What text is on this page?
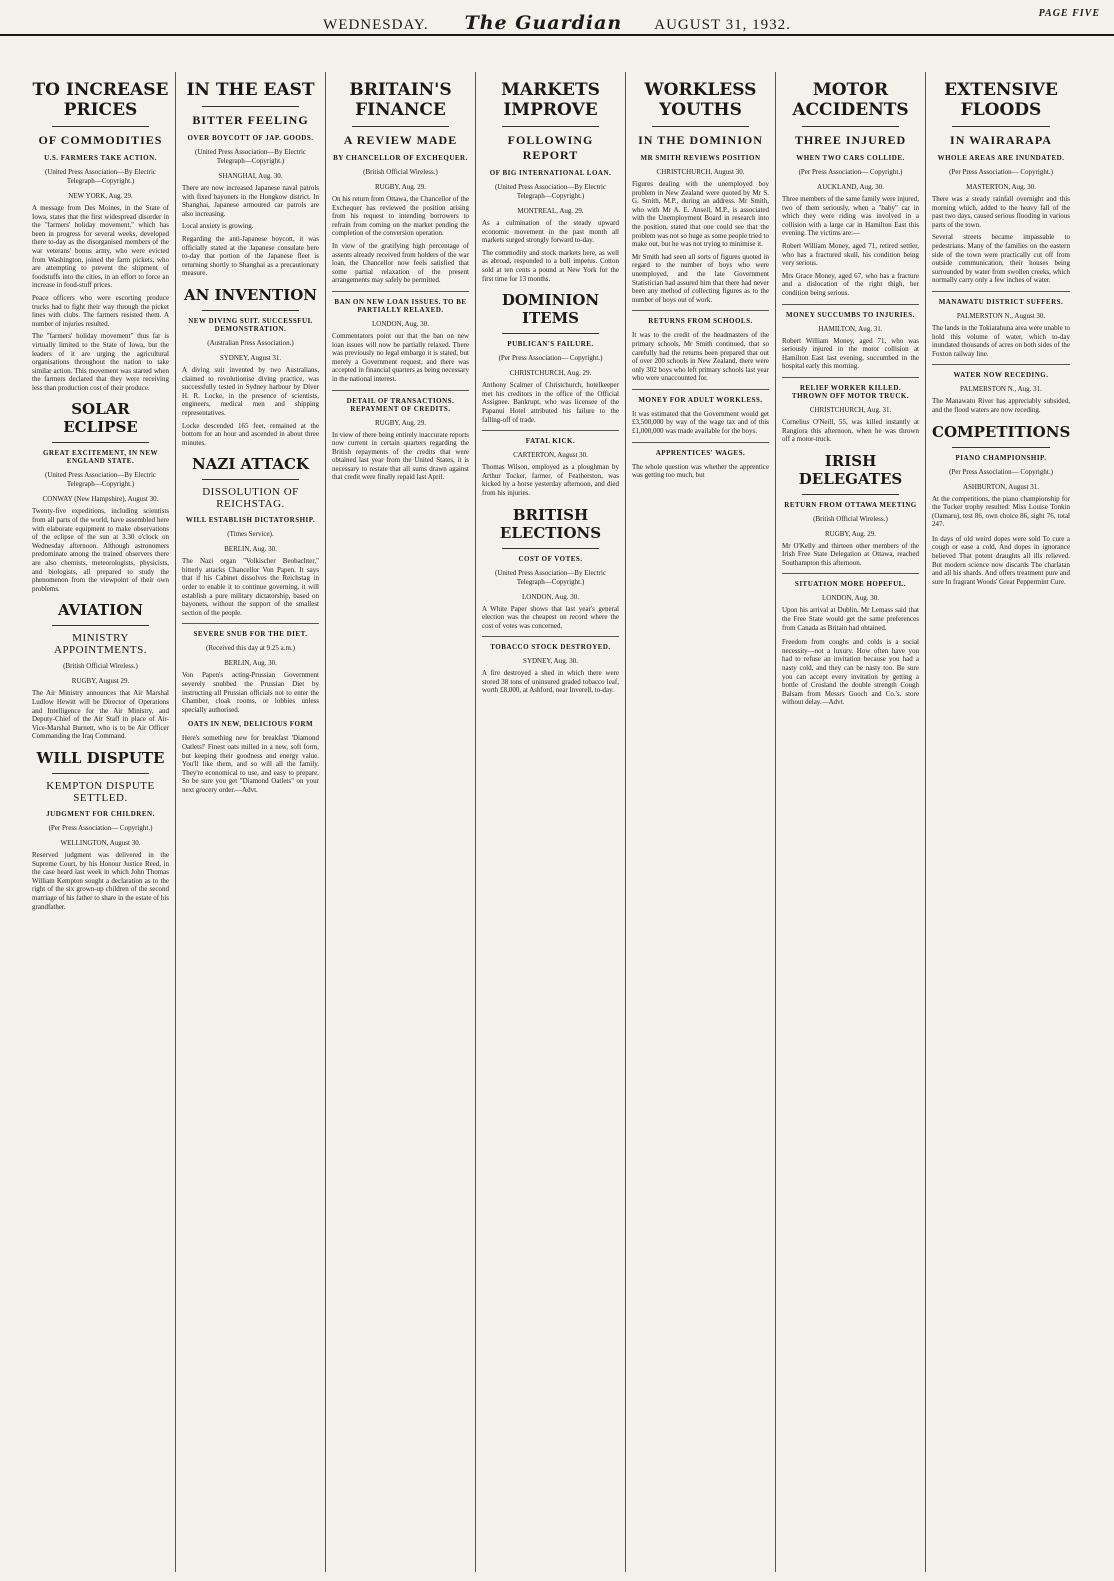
WEDNESDAY. The Guardian AUGUST 31, 1932.
PAGE FIVE
TO INCREASE PRICES
OF COMMODITIES
U.S. FARMERS TAKE ACTION.
(United Press Association—By Electric Telegraph—Copyright.)
NEW YORK, Aug. 29.

A message from Des Moines, in the State of Iowa, states that the first widespread disorder in the "farmers' holiday movement," which has been in progress for several weeks, developed there to-day as the disorganised members of the war veterans' bonus army, who were evicted from Washington, joined the farm pickets, who are attempting to prevent the shipment of foodstuffs into the cities, in an effort to force an increase in food-stuff prices.

Peace officers who were escorting produce trucks had to fight their way through the picket lines with clubs. The farmers resisted them. A number of injuries resulted.

The "farmers' holiday movement" thus far is virtually limited to the State of Iowa, but the leaders of it are urging the agricultural organisations throughout the nation to take similar action. This movement was started when the farmers declared that they were receiving less than production cost of their produce.

SOLAR ECLIPSE
GREAT EXCITEMENT, IN NEW ENGLAND STATE.
(United Press Association—By Electric Telegraph—Copyright.)
CONWAY (New Hampshire), August 30.

Twenty-five expeditions, including scientists from all parts of the world, have assembled here with elaborate equipment to make observations of the eclipse of the sun at 3.30 o'clock on Wednesday afternoon. Although astronomers predominate among the trained observers there are also chemists, meteorologists, physicists, and biologists, all prepared to study the phenomenon from the viewpoint of their own problems.

AVIATION
MINISTRY APPOINTMENTS.
(British Official Wireless.)
RUGBY, August 29.

The Air Ministry announces that Air Marshal Ludlow Hewitt will be Director of Operations and Intelligence for the Air Ministry, and Deputy-Chief of the Air Staff in place of Air-Vice-Marshal Burnett, who is to be Air Officer Commanding the Iraq Command.

WILL DISPUTE
KEMPTON DISPUTE SETTLED.
JUDGMENT FOR CHILDREN.
(Per Press Association— Copyright.)
WELLINGTON, August 30.

Reserved judgment was delivered in the Supreme Court, by his Honour Justice Reed, in the case heard last week in which John Thomas William Kempton sought a declaration as to the right of the six grown-up children of the second marriage of his father to share in the estate of his grandfather.

IN THE EAST
BITTER FEELING
OVER BOYCOTT OF JAP. GOODS.
(United Press Association—By Electric Telegraph—Copyright.)
SHANGHAI, Aug. 30.

There are now increased Japanese naval patrols with fixed bayonets in the Hongkow district. In Shanghai, Japanese armoured car patrols are also increasing.

Local anxiety is growing.

Regarding the anti-Japanese boycott, it was officially stated at the Japanese consulate here to-day that portion of the Japanese fleet is returning shortly to Shanghai as a precautionary measure.

AN INVENTION
NEW DIVING SUIT. SUCCESSFUL DEMONSTRATION.
(Australian Press Association.)
SYDNEY, August 31.

A diving suit invented by two Australians, claimed to revolutionise diving practice, was successfully tested in Sydney harbour by Diver H. R. Locke, in the presence of scientists, engineers, medical men and shipping representatives.

Locke descended 165 feet, remained at the bottom for an hour and ascended in about three minutes.

NAZI ATTACK
DISSOLUTION OF REICHSTAG.
WILL ESTABLISH DICTATORSHIP.
(Times Service).
BERLIN, Aug. 30.

The Nazi organ "Volkischer Beobachter," bitterly attacks Chancellor Von Papen. It says that if his Cabinet dissolves the Reichstag in order to enable it to continue governing, it will establish a pure military dictatorship, based on bayonets, without the support of the smallest section of the people.

SEVERE SNUB FOR THE DIET.
(Received this day at 9.25 a.m.)
BERLIN, Aug. 30.

Von Papen's acting-Prussian Government severely snubbed the Prussian Diet by instructing all Prussian officials not to enter the Chamber, cloak rooms, or lobbies unless specially authorised.

OATS IN NEW, DELICIOUS FORM
Here's something new for breakfast 'Diamond Oatlets!' Finest oats milled in a new, soft form, but keeping their goodness and energy value. You'll like them, and so will all the family. They're economical to use, and easy to prepare. So be sure you get "Diamond Oatlets" on your next grocery order.—Advt.
BRITAIN'S FINANCE
A REVIEW MADE
BY CHANCELLOR OF EXCHEQUER.
(British Official Wireless.)
RUGBY, Aug. 29.

On his return from Ottawa, the Chancellor of the Exchequer has reviewed the position arising from his request to intending borrowers to refrain from coming on the market pending the completion of the conversion operation.

In view of the gratifying high percentage of assents already received from holders of the war loan, the Chancellor now feels satisfied that some partial relaxation of the present arrangements may safely be permitted.

BAN ON NEW LOAN ISSUES. TO BE PARTIALLY RELAXED.
LONDON, Aug. 30.

Commentators point out that the ban on new loan issues will now be partially relaxed. There was previously no legal embargo it is stated, but merely a Government request, and there was accepted in financial quarters as being necessary in the national interest.

DETAIL OF TRANSACTIONS. REPAYMENT OF CREDITS.
RUGBY, Aug. 29.

In view of there being entirely inaccurate reports now current in certain quarters regarding the British repayments of the credits that were obtained last year from the United States, it is necessary to restate that all sums drawn against that credit were finally repaid last April.

MARKETS IMPROVE
FOLLOWING REPORT
OF BIG INTERNATIONAL LOAN.
(United Press Association—By Electric Telegraph—Copyright.)
MONTREAL, Aug. 29.

As a culmination of the steady upward economic movement in the past month all markets surged strongly forward to-day.

The commodity and stock markets here, as well as abroad, responded to a bull impetus. Cotton sold at ten cents a pound at New York for the first time for 13 months.

DOMINION ITEMS
PUBLICAN'S FAILURE.
(Per Press Association— Copyright.)
CHRISTCHURCH, Aug. 29.

Anthony Scalmer of Christchurch, hotelkeeper met his creditors in the office of the Official Assignee. Bankrupt, who was licensee of the Papanui Hotel attributed his failure to the falling-off of trade.

FATAL KICK.
CARTERTON, August 30.

Thomas Wilson, employed as a ploughman by Arthur Tocker, farmer, of Featherston, was kicked by a horse yesterday afternoon, and died from his injuries.

BRITISH ELECTIONS
COST OF VOTES.
(United Press Association—By Electric Telegraph—Copyright.)
LONDON, Aug. 30.

A White Paper shows that last year's general election was the cheapest on record where the cost of votes was concerned.

TOBACCO STOCK DESTROYED.
SYDNEY, Aug. 30.

A fire destroyed a shed in which there were stored 38 tons of uninsured graded tobacco leaf, worth £8,000, at Ashford, near Inverell, to-day.

WORKLESS YOUTHS
IN THE DOMINION
MR SMITH REVIEWS POSITION
CHRISTCHURCH, August 30.

Figures dealing with the unemployed boy problem in New Zealand were quoted by Mr S. G. Smith, M.P., during an address. Mr Smith, who with Mr A. E. Ansell, M.P., is associated with the Unemployment Board in research into the position, stated that one could see that the problem was not so huge as some people tried to make out, but he was not trying to minimise it.

Mr Smith had seen all sorts of figures quoted in regard to the number of boys who were unemployed, and the late Government Statistician had assured him that there had never been any method of collecting figures as to the number of boys out of work.

RETURNS FROM SCHOOLS.

It was to the credit of the headmasters of the primary schools, Mr Smith continued, that so carefully had the returns been prepared that out of over 200 schools in New Zealand, there were only 302 boys who left primary schools last year who were unaccounted for.

MONEY FOR ADULT WORKLESS.

It was estimated that the Government would get £3,500,000 by way of the wage tax and of this £1,000,000 was made available for the boys.

APPRENTICES' WAGES.

The whole question was whether the apprentice was getting too much, but

MOTOR ACCIDENTS
THREE INJURED
WHEN TWO CARS COLLIDE.
(Per Press Association— Copyright.)
AUCKLAND, Aug. 30.

Three members of the same family were injured, two of them seriously, when a "baby" car in which they were riding was involved in a collision with a large car in Hamilton East this evening. The victims are:—

Robert William Money, aged 71, retired settler, who has a fractured skull, his condition being very serious.

Mrs Grace Money, aged 67, who has a fracture and a dislocation of the right thigh, her condition being serious.

MONEY SUCCUMBS TO INJURIES.
HAMILTON, Aug. 31.

Robert William Money, aged 71, who was seriously injured in the motor collision at Hamilton East last evening, succumbed in the hospital early this morning.

RELIEF WORKER KILLED. THROWN OFF MOTOR TRUCK.
CHRISTCHURCH, Aug. 31.

Cornelius O'Neill, 55, was killed instantly at Rangiora this afternoon, when he was thrown off a motor-truck.

IRISH DELEGATES
RETURN FROM OTTAWA MEETING
(British Official Wireless.)
RUGBY, Aug. 29.

Mr O'Kelly and thirteen other members of the Irish Free State Delegation at Ottawa, reached Southampton this afternoon.

SITUATION MORE HOPEFUL.
LONDON, Aug. 30.

Upon his arrival at Dublin, Mr Lemass said that the Free State would get the same preferences from Canada as Britain had obtained.

Freedom from coughs and colds is a social necessity—not a luxury. How often have you had to refuse an invitation because you had a nasty cold, and they can be nasty too. Be sure you can accept every invitation by getting a bottle of Crosland the double strength Cough Balsam from Messrs Gooch and Co.'s. store without delay.—Advt.
EXTENSIVE FLOODS
IN WAIRARAPA
WHOLE AREAS ARE INUNDATED.
(Per Press Association— Copyright.)
MASTERTON, Aug. 30.

There was a steady rainfall overnight and this morning which, added to the heavy fall of the past two days, caused serious flooding in various parts of the town.

Several streets became impassable to pedestrians. Many of the families on the eastern side of the town were practically cut off from outside communication, their houses being surrounded by water from swollen creeks, which normally carry only a few inches of water.

MANAWATU DISTRICT SUFFERS.
PALMERSTON N., August 30.

The lands in the Tokiatahuna area were unable to hold this volume of water, which to-day inundated thousands of acres on both sides of the Foxton railway line.

WATER NOW RECEDING.
PALMERSTON N., Aug. 31.

The Manawatu River has appreciably subsided, and the flood waters are now receding.

COMPETITIONS
PIANO CHAMPIONSHIP.
(Per Press Association— Copyright.)
ASHBURTON, August 31.

At the competitions, the piano championship for the Tucker trophy resulted: Miss Louise Tonkin (Oamaru), test 86, own choice 86, sight 76, total 247.

In days of old weird dopes were sold To cure a cough or ease a cold, And dopes in ignorance believed That potent draughts all ills relieved. But modern science now discards The charlatan and all his shards. And offers treatment pure and sure In fragrant Woods' Great Peppermint Cure.
